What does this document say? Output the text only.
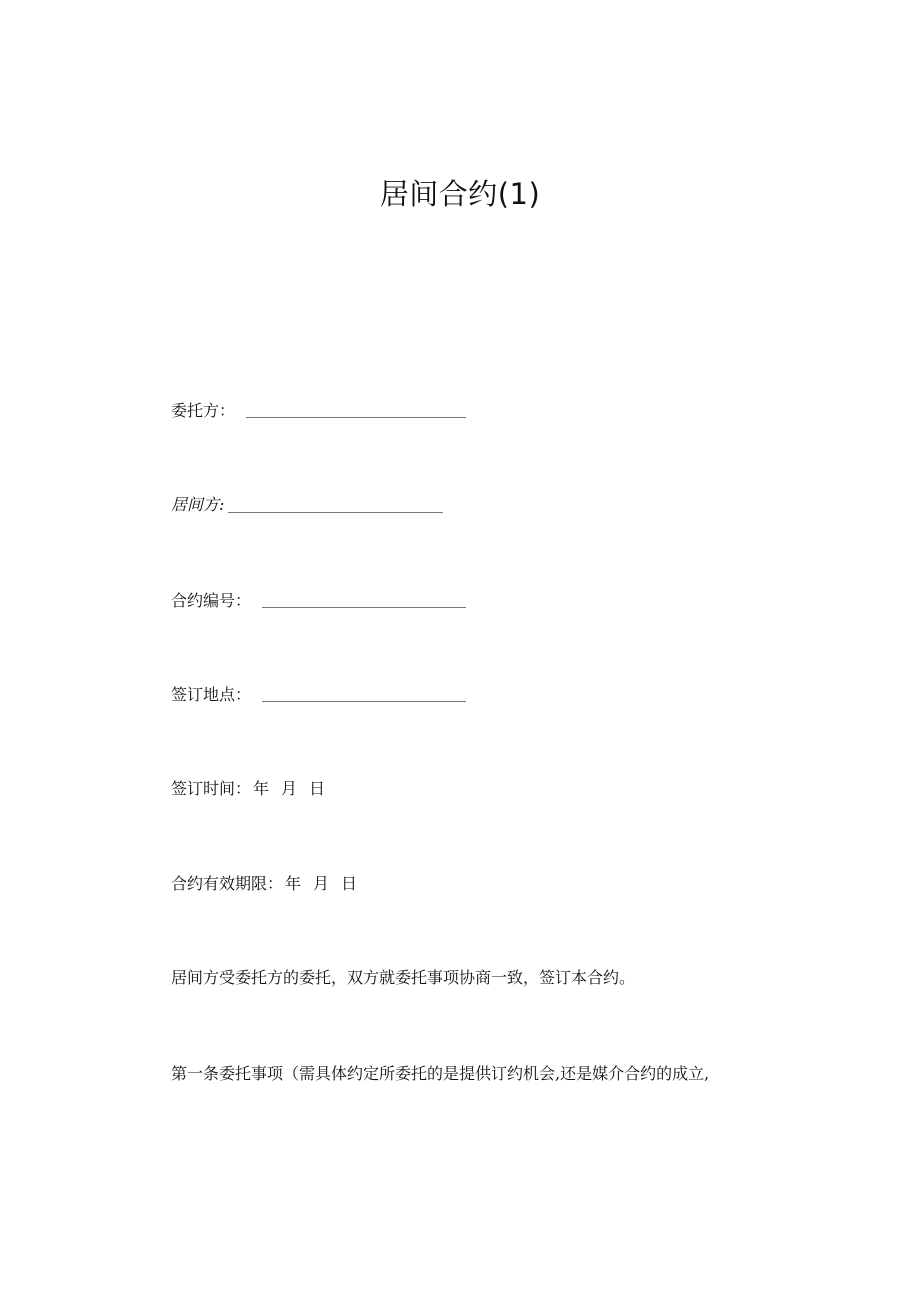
居间合约(1)
委托方：
居间方:
合约编号：
签订地点：
签订时间： 年 月 日
合约有效期限： 年 月 日
居间方受委托方的委托，双方就委托事项协商一致，签订本合约。
第一条委托事项（需具体约定所委托的是提供订约机会,还是媒介合约的成立,
